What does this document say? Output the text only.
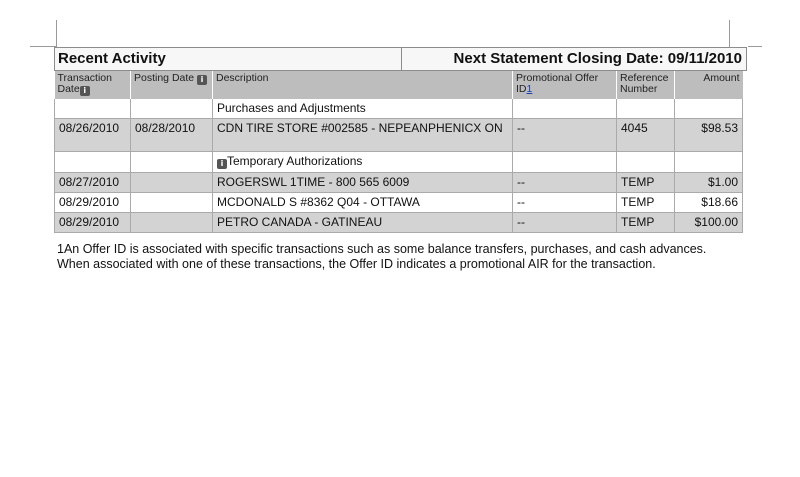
Recent Activity	Next Statement Closing Date: 09/11/2010
Transaction Date i	Posting Date i	Description	Promotional Offer ID1	Reference Number	Amount
		Purchases and Adjustments			
08/26/2010	08/28/2010	CDN TIRE STORE #002585 - NEPEANPHENICX ON	--	4045	$98.53
		i Temporary Authorizations			
08/27/2010		ROGERSWL 1TIME - 800 565 6009	--	TEMP	$1.00
08/29/2010		MCDONALD S #8362 Q04 - OTTAWA	--	TEMP	$18.66
08/29/2010		PETRO CANADA - GATINEAU	--	TEMP	$100.00
1An Offer ID is associated with specific transactions such as some balance transfers, purchases, and cash advances. When associated with one of these transactions, the Offer ID indicates a promotional AIR for the transaction.
